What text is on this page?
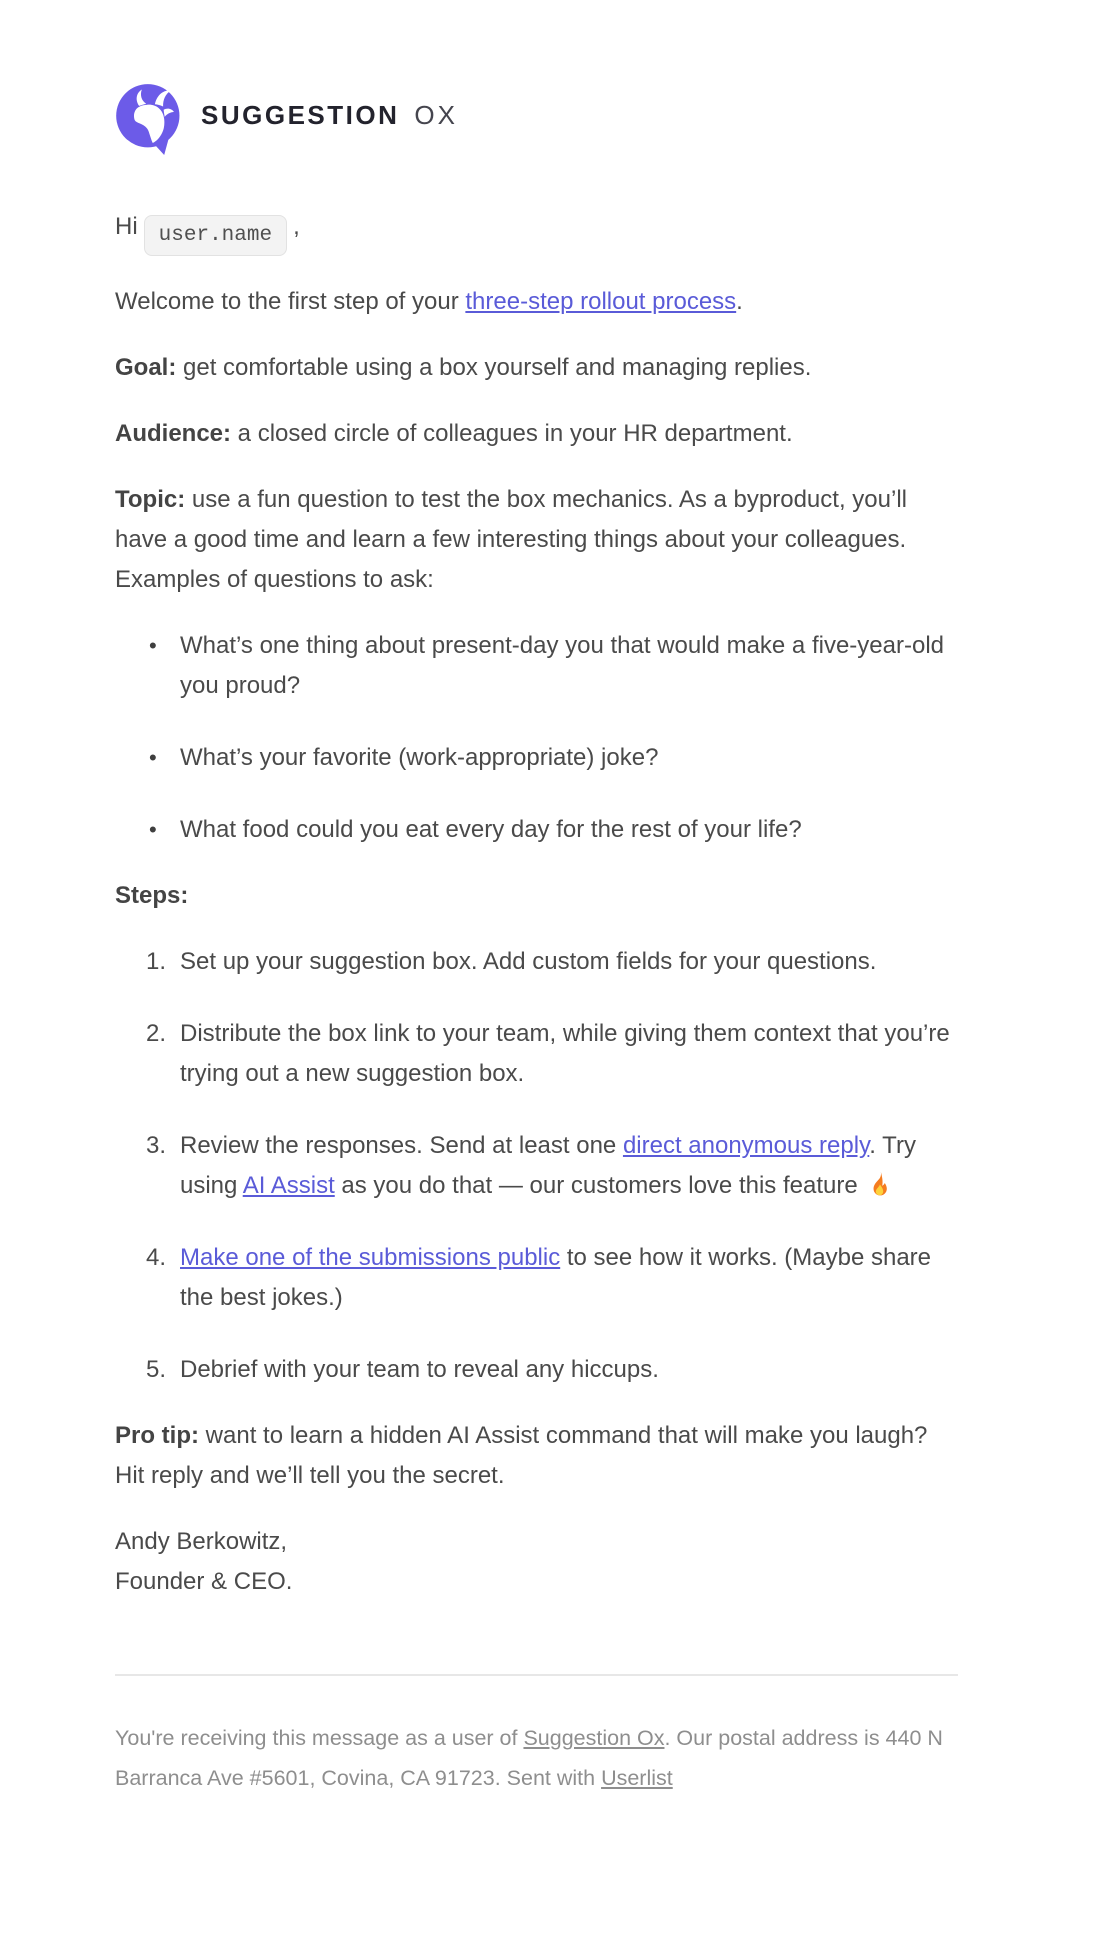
SUGGESTION OX

Hi user.name ,

Welcome to the first step of your three-step rollout process.

Goal: get comfortable using a box yourself and managing replies.

Audience: a closed circle of colleagues in your HR department.

Topic: use a fun question to test the box mechanics. As a byproduct, you’ll have a good time and learn a few interesting things about your colleagues. Examples of questions to ask:

• What’s one thing about present-day you that would make a five-year-old you proud?
• What’s your favorite (work-appropriate) joke?
• What food could you eat every day for the rest of your life?

Steps:

1. Set up your suggestion box. Add custom fields for your questions.
2. Distribute the box link to your team, while giving them context that you’re trying out a new suggestion box.
3. Review the responses. Send at least one direct anonymous reply. Try using AI Assist as you do that — our customers love this feature
4. Make one of the submissions public to see how it works. (Maybe share the best jokes.)
5. Debrief with your team to reveal any hiccups.

Pro tip: want to learn a hidden AI Assist command that will make you laugh? Hit reply and we’ll tell you the secret.

Andy Berkowitz,
Founder & CEO.

You're receiving this message as a user of Suggestion Ox. Our postal address is 440 N Barranca Ave #5601, Covina, CA 91723. Sent with Userlist
